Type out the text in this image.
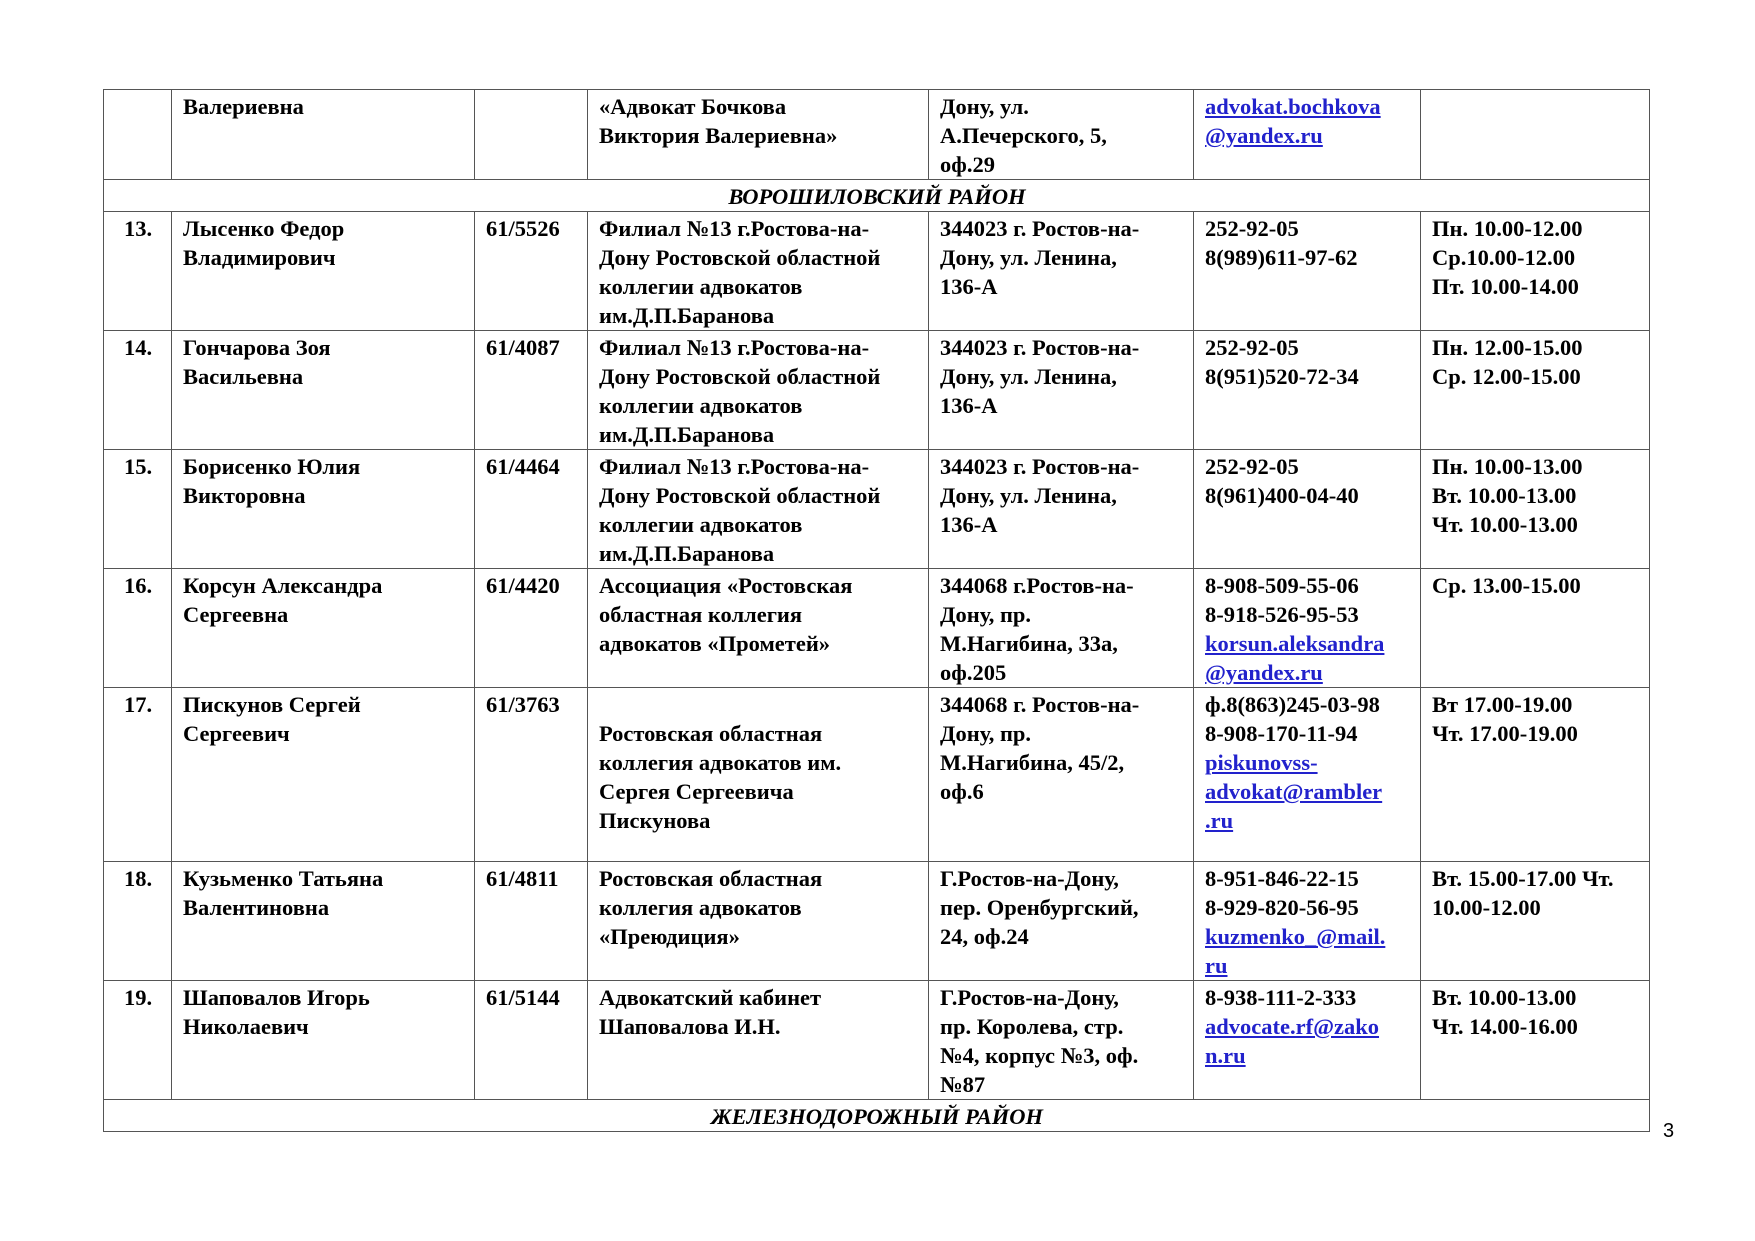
	Валериевна		«Адвокат Бочкова
Виктория Валериевна»	Дону, ул.
А.Печерского, 5,
оф.29	advokat.bochkova
@yandex.ru	

ВОРОШИЛОВСКИЙ РАЙОН						
13.	Лысенко Федор
Владимирович	61/5526	Филиал №13 г.Ростова-на-
Дону Ростовской областной
коллегии адвокатов
им.Д.П.Баранова	344023 г. Ростов-на-
Дону, ул. Ленина,
136-А	252-92-05
8(989)611-97-62	Пн. 10.00-12.00
Ср.10.00-12.00
Пт. 10.00-14.00

14.	Гончарова Зоя
Васильевна	61/4087	Филиал №13 г.Ростова-на-
Дону Ростовской областной
коллегии адвокатов
им.Д.П.Баранова	344023 г. Ростов-на-
Дону, ул. Ленина,
136-А	252-92-05
8(951)520-72-34	Пн. 12.00-15.00
Ср. 12.00-15.00

15.	Борисенко Юлия
Викторовна	61/4464	Филиал №13 г.Ростова-на-
Дону Ростовской областной
коллегии адвокатов
им.Д.П.Баранова	344023 г. Ростов-на-
Дону, ул. Ленина,
136-А	252-92-05
8(961)400-04-40	Пн. 10.00-13.00
Вт. 10.00-13.00
Чт. 10.00-13.00

16.	Корсун Александра
Сергеевна	61/4420	Ассоциация «Ростовская
областная коллегия
адвокатов «Прометей»	344068 г.Ростов-на-
Дону, пр.
М.Нагибина, 33а,
оф.205	8-908-509-55-06
8-918-526-95-53
korsun.aleksandra
@yandex.ru	Ср. 13.00-15.00

17.	Пискунов Сергей
Сергеевич	61/3763	Ростовская областная
коллегия адвокатов им.
Сергея Сергеевича
Пискунова	344068 г. Ростов-на-
Дону, пр.
М.Нагибина, 45/2,
оф.6	ф.8(863)245-03-98
8-908-170-11-94
piskunovss-
advokat@rambler
.ru	Вт 17.00-19.00
Чт. 17.00-19.00

18.	Кузьменко Татьяна
Валентиновна	61/4811	Ростовская областная
коллегия адвокатов
«Преюдиция»	Г.Ростов-на-Дону,
пер. Оренбургский,
24, оф.24	8-951-846-22-15
8-929-820-56-95
kuzmenko_@mail.
ru	Вт. 15.00-17.00 Чт.
10.00-12.00

19.	Шаповалов Игорь
Николаевич	61/5144	Адвокатский кабинет
Шаповалова И.Н.	Г.Ростов-на-Дону,
пр. Королева, стр.
№4, корпус №3, оф.
№87	8-938-111-2-333
advocate.rf@zako
n.ru	Вт. 10.00-13.00
Чт. 14.00-16.00

ЖЕЛЕЗНОДОРОЖНЫЙ РАЙОН						
3
